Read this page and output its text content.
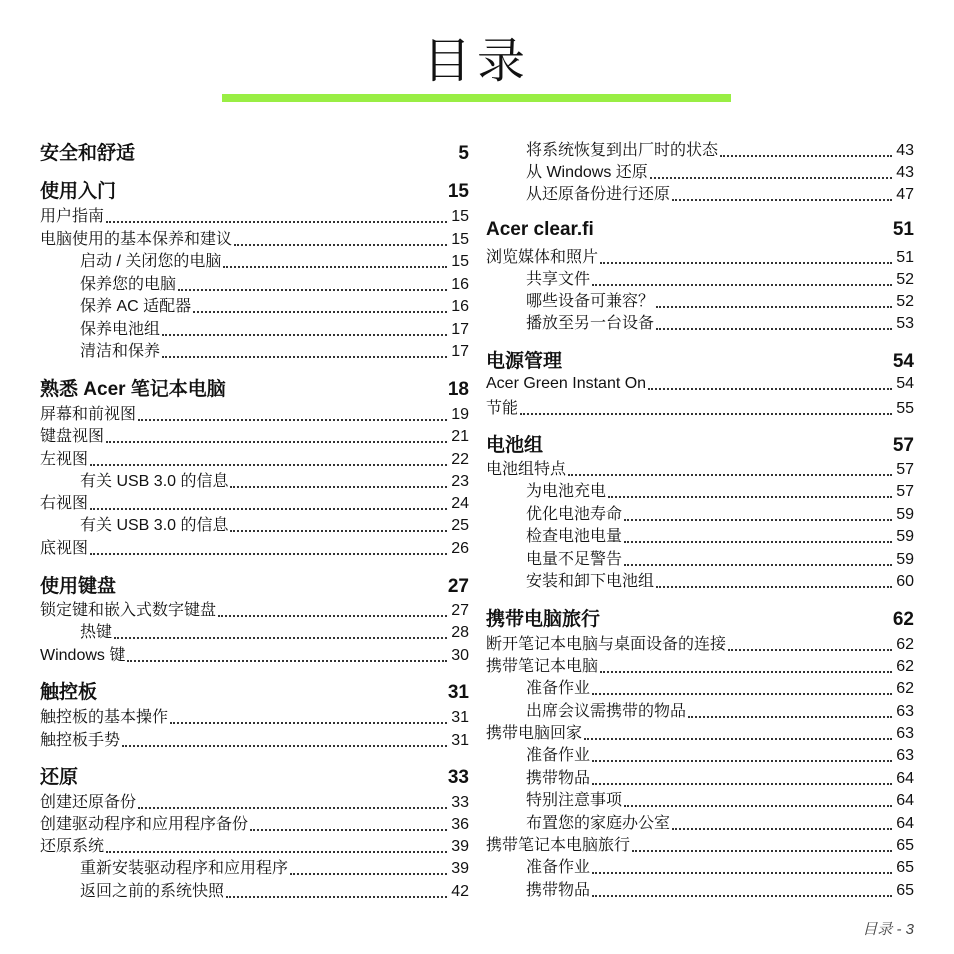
目录
安全和舒适	5
使用入门	15
用户指南	15
电脑使用的基本保养和建议	15
启动 / 关闭您的电脑	15
保养您的电脑	16
保养 AC 适配器	16
保养电池组	17
清洁和保养	17
熟悉 Acer 笔记本电脑	18
屏幕和前视图	19
键盘视图	21
左视图	22
有关 USB 3.0 的信息	23
右视图	24
有关 USB 3.0 的信息	25
底视图	26
使用键盘	27
锁定键和嵌入式数字键盘	27
热键	28
Windows 键	30
触控板	31
触控板的基本操作	31
触控板手势	31
还原	33
创建还原备份	33
创建驱动程序和应用程序备份	36
还原系统	39
重新安装驱动程序和应用程序	39
返回之前的系统快照	42
将系统恢复到出厂时的状态	43
从 Windows 还原	43
从还原备份进行还原	47
Acer clear.fi	51
浏览媒体和照片	51
共享文件	52
哪些设备可兼容？	52
播放至另一台设备	53
电源管理	54
Acer Green Instant On	54
节能	55
电池组	57
电池组特点	57
为电池充电	57
优化电池寿命	59
检查电池电量	59
电量不足警告	59
安装和卸下电池组	60
携带电脑旅行	62
断开笔记本电脑与桌面设备的连接	62
携带笔记本电脑	62
准备作业	62
出席会议需携带的物品	63
携带电脑回家	63
准备作业	63
携带物品	64
特别注意事项	64
布置您的家庭办公室	64
携带笔记本电脑旅行	65
准备作业	65
携带物品	65
目录 - 3
